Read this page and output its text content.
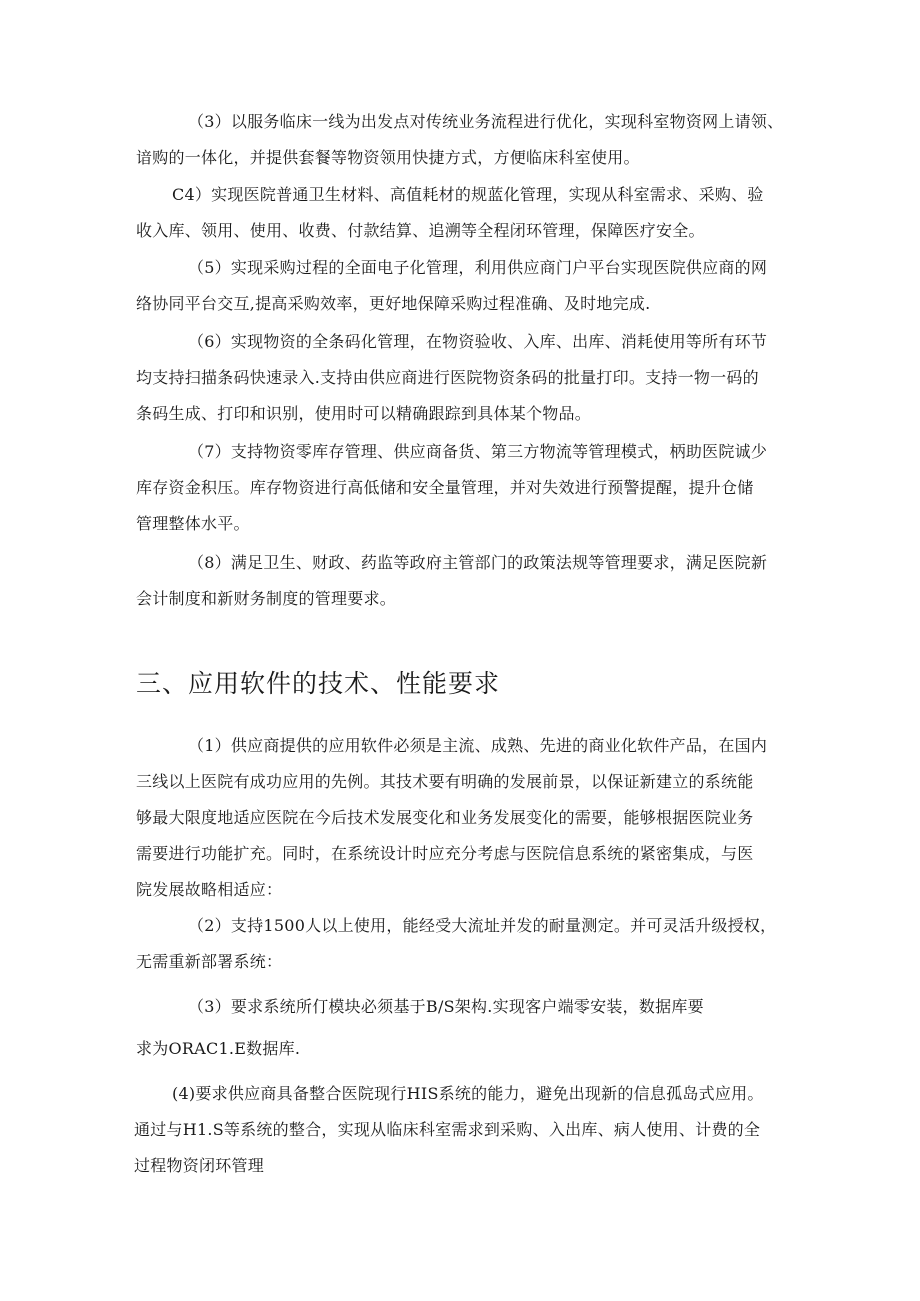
（3）以服务临床一线为出发点对传统业务流程进行优化，实现科室物资网上请领、
谙购的一体化，并提供套餐等物资领用快捷方式，方便临床科室使用。

C4）实现医院普通卫生材料、高值耗材的规蓝化管理，实现从科室需求、采购、验
收入库、领用、使用、收费、付款结算、追溯等全程闭环管理，保障医疗安全。

（5）实现采购过程的全面电子化管理，利用供应商门户平台实现医院供应商的网
络协同平台交互,提高采购效率，更好地保障采购过程准确、及时地完成.

（6）实现物资的全条码化管理，在物资验收、入库、出库、消耗使用等所有环节
均支持扫描条码快速录入.支持由供应商进行医院物资条码的批量打印。支持一物一码的
条码生成、打印和识别，使用时可以精确跟踪到具体某个物品。

（7）支持物资零库存管理、供应商备货、第三方物流等管理模式，柄助医院诚少
库存资金积压。库存物资进行高低储和安全量管理，并对失效进行预警提醒，提升仓储
管理整体水平。

（8）满足卫生、财政、药监等政府主管部门的政策法规等管理要求，满足医院新
会计制度和新财务制度的管理要求。

三、应用软件的技术、性能要求

（1）供应商提供的应用软件必须是主流、成熟、先进的商业化软件产品，在国内
三线以上医院有成功应用的先例。其技术要有明确的发展前景，以保证新建立的系统能
够最大限度地适应医院在今后技术发展变化和业务发展变化的需要，能够根据医院业务
需要进行功能扩充。同时，在系统设计时应充分考虑与医院信息系统的紧密集成，与医
院发展故略相适应：

（2）支持1500人以上使用，能经受大流址并发的耐量测定。并可灵活升级授权，
无需重新部署系统：

（3）要求系统所仃模块必须基于B/S架构.实现客户端零安装，数据库要
求为ORAC1.E数据库.

(4)要求供应商具备整合医院现行HIS系统的能力，避免出现新的信息孤岛式应用。
通过与H1.S等系统的整合，实现从临床科室需求到采购、入出库、病人使用、计费的全
过程物资闭环管理
